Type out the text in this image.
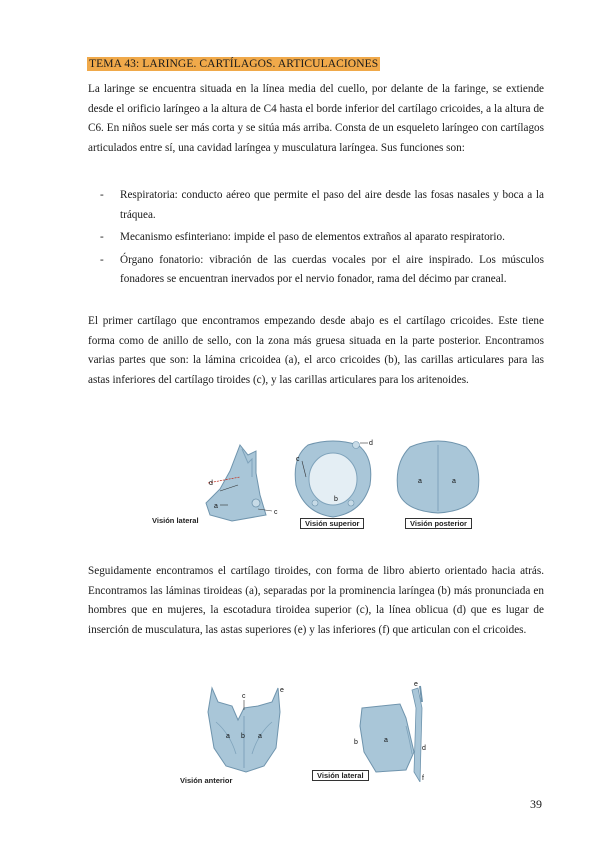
TEMA 43: LARINGE. CARTÍLAGOS. ARTICULACIONES

La laringe se encuentra situada en la línea media del cuello, por delante de la faringe, se extiende desde el orificio laríngeo a la altura de C4 hasta el borde inferior del cartílago cricoides, a la altura de C6. En niños suele ser más corta y se sitúa más arriba. Consta de un esqueleto laríngeo con cartílagos articulados entre sí, una cavidad laríngea y musculatura laríngea. Sus funciones son:

- Respiratoria: conducto aéreo que permite el paso del aire desde las fosas nasales y boca a la tráquea.
- Mecanismo esfinteriano: impide el paso de elementos extraños al aparato respiratorio.
- Órgano fonatorio: vibración de las cuerdas vocales por el aire inspirado. Los músculos fonadores se encuentran inervados por el nervio fonador, rama del décimo par craneal.

El primer cartílago que encontramos empezando desde abajo es el cartílago cricoides. Este tiene forma como de anillo de sello, con la zona más gruesa situada en la parte posterior. Encontramos varias partes que son: la lámina cricoidea (a), el arco cricoides (b), las carillas articulares para las astas inferiores del cartílago tiroides (c), y las carillas articulares para los aritenoides.

d
a
c
c
d
b
a	a
Visión lateral	Visión superior	Visión posterior

Seguidamente encontramos el cartílago tiroides, con forma de libro abierto orientado hacia atrás. Encontramos las láminas tiroideas (a), separadas por la prominencia laríngea (b) más pronunciada en hombres que en mujeres, la escotadura tiroidea superior (c), la línea oblicua (d) que es lugar de inserción de musculatura, las astas superiores (e) y las inferiores (f) que articulan con el cricoides.

c
e
a b a
e
b	a
d
f
Visión anterior
Visión lateral
39
